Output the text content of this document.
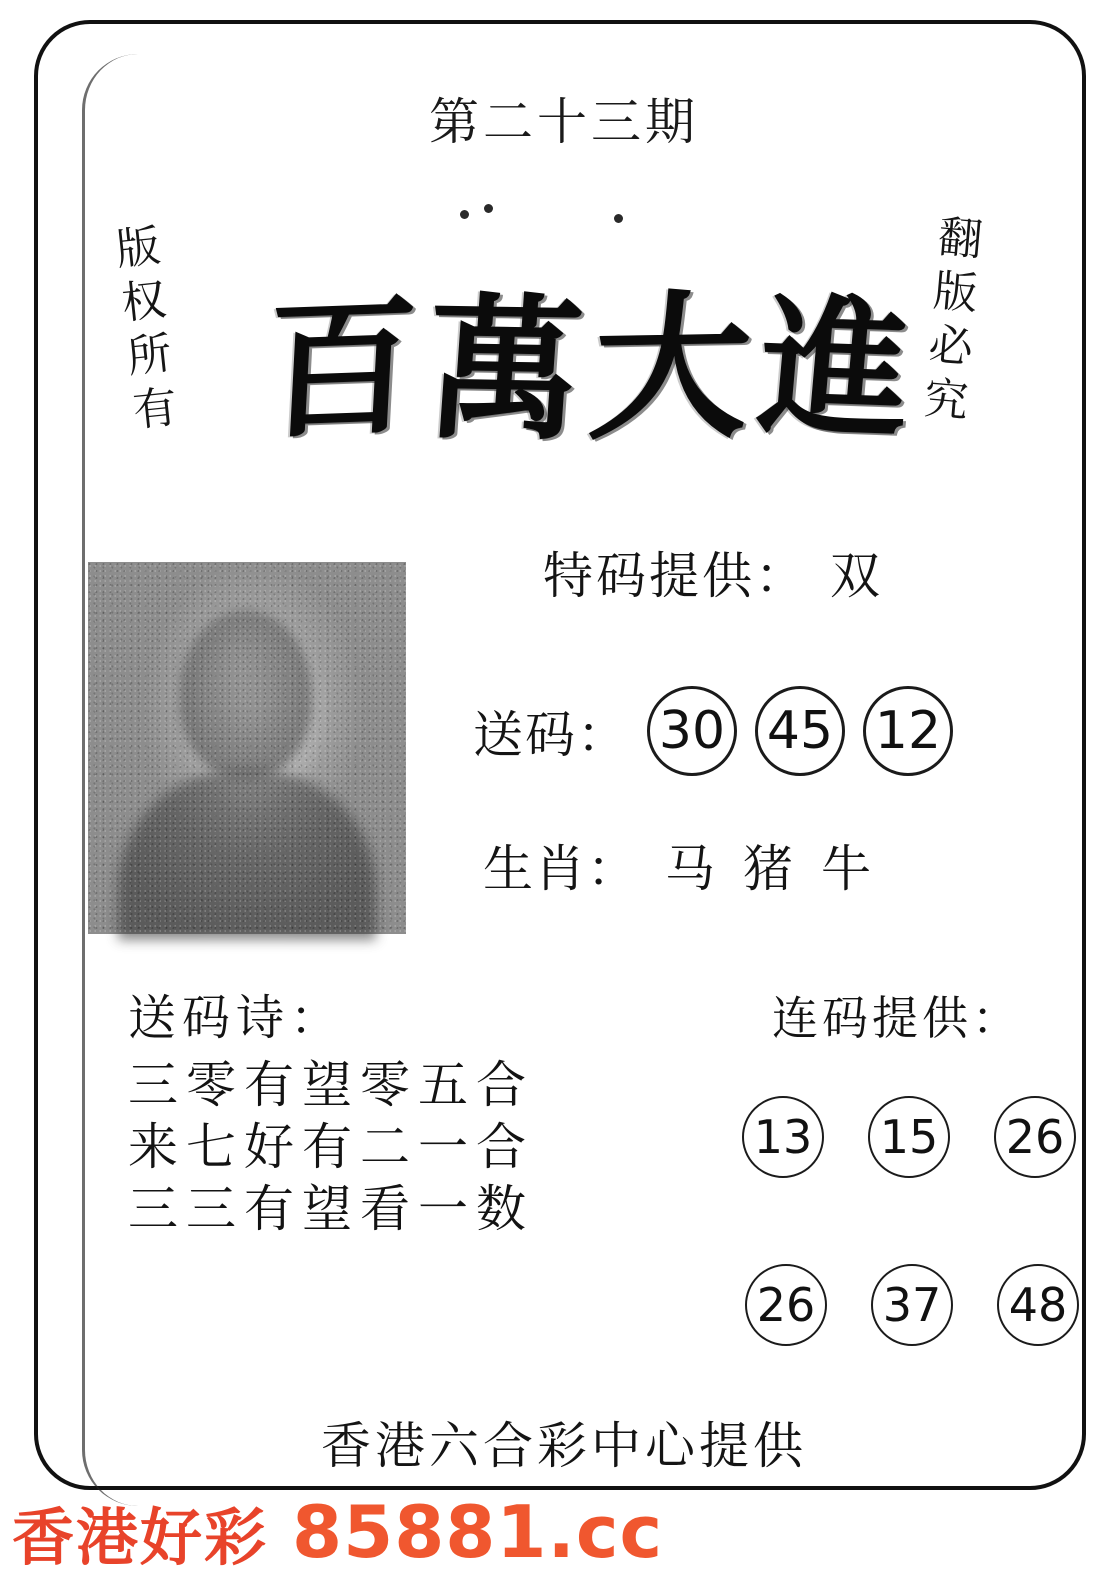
第二十三期
版权所有	翻版必究
百
萬
大
進
特码提供： 双
送码： 30 45 12
生肖： 马 猪 牛
送码诗：
三零有望零五合
来七好有二一合
三三有望看一数
连码提供：
13 15 26
26 37 48
香港六合彩中心提供
香港好彩 85881.cc
